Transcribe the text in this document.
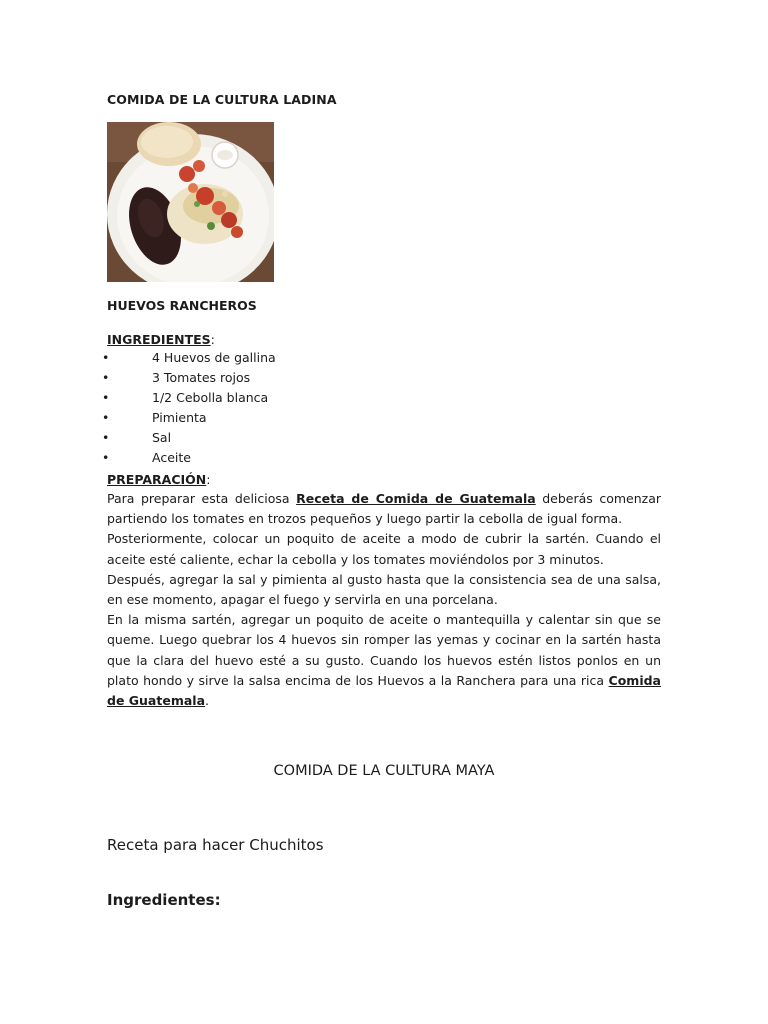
COMIDA DE LA CULTURA LADINA
HUEVOS RANCHEROS
INGREDIENTES:
•	4 Huevos de gallina
•	3 Tomates rojos
•	1/2 Cebolla blanca
•	Pimienta
•	Sal
•	Aceite
PREPARACIÓN:

Para preparar esta deliciosa Receta de Comida de Guatemala deberás comenzar partiendo los tomates en trozos pequeños y luego partir la cebolla de igual forma.

Posteriormente, colocar un poquito de aceite a modo de cubrir la sartén. Cuando el aceite esté caliente, echar la cebolla y los tomates moviéndolos por 3 minutos.

Después, agregar la sal y pimienta al gusto hasta que la consistencia sea de una salsa, en ese momento, apagar el fuego y servirla en una porcelana.

En la misma sartén, agregar un poquito de aceite o mantequilla y calentar sin que se queme. Luego quebrar los 4 huevos sin romper las yemas y cocinar en la sartén hasta que la clara del huevo esté a su gusto. Cuando los huevos estén listos ponlos en un plato hondo y sirve la salsa encima de los Huevos a la Ranchera para una rica Comida de Guatemala.

COMIDA DE LA CULTURA MAYA
Receta para hacer Chuchitos
Ingredientes:
